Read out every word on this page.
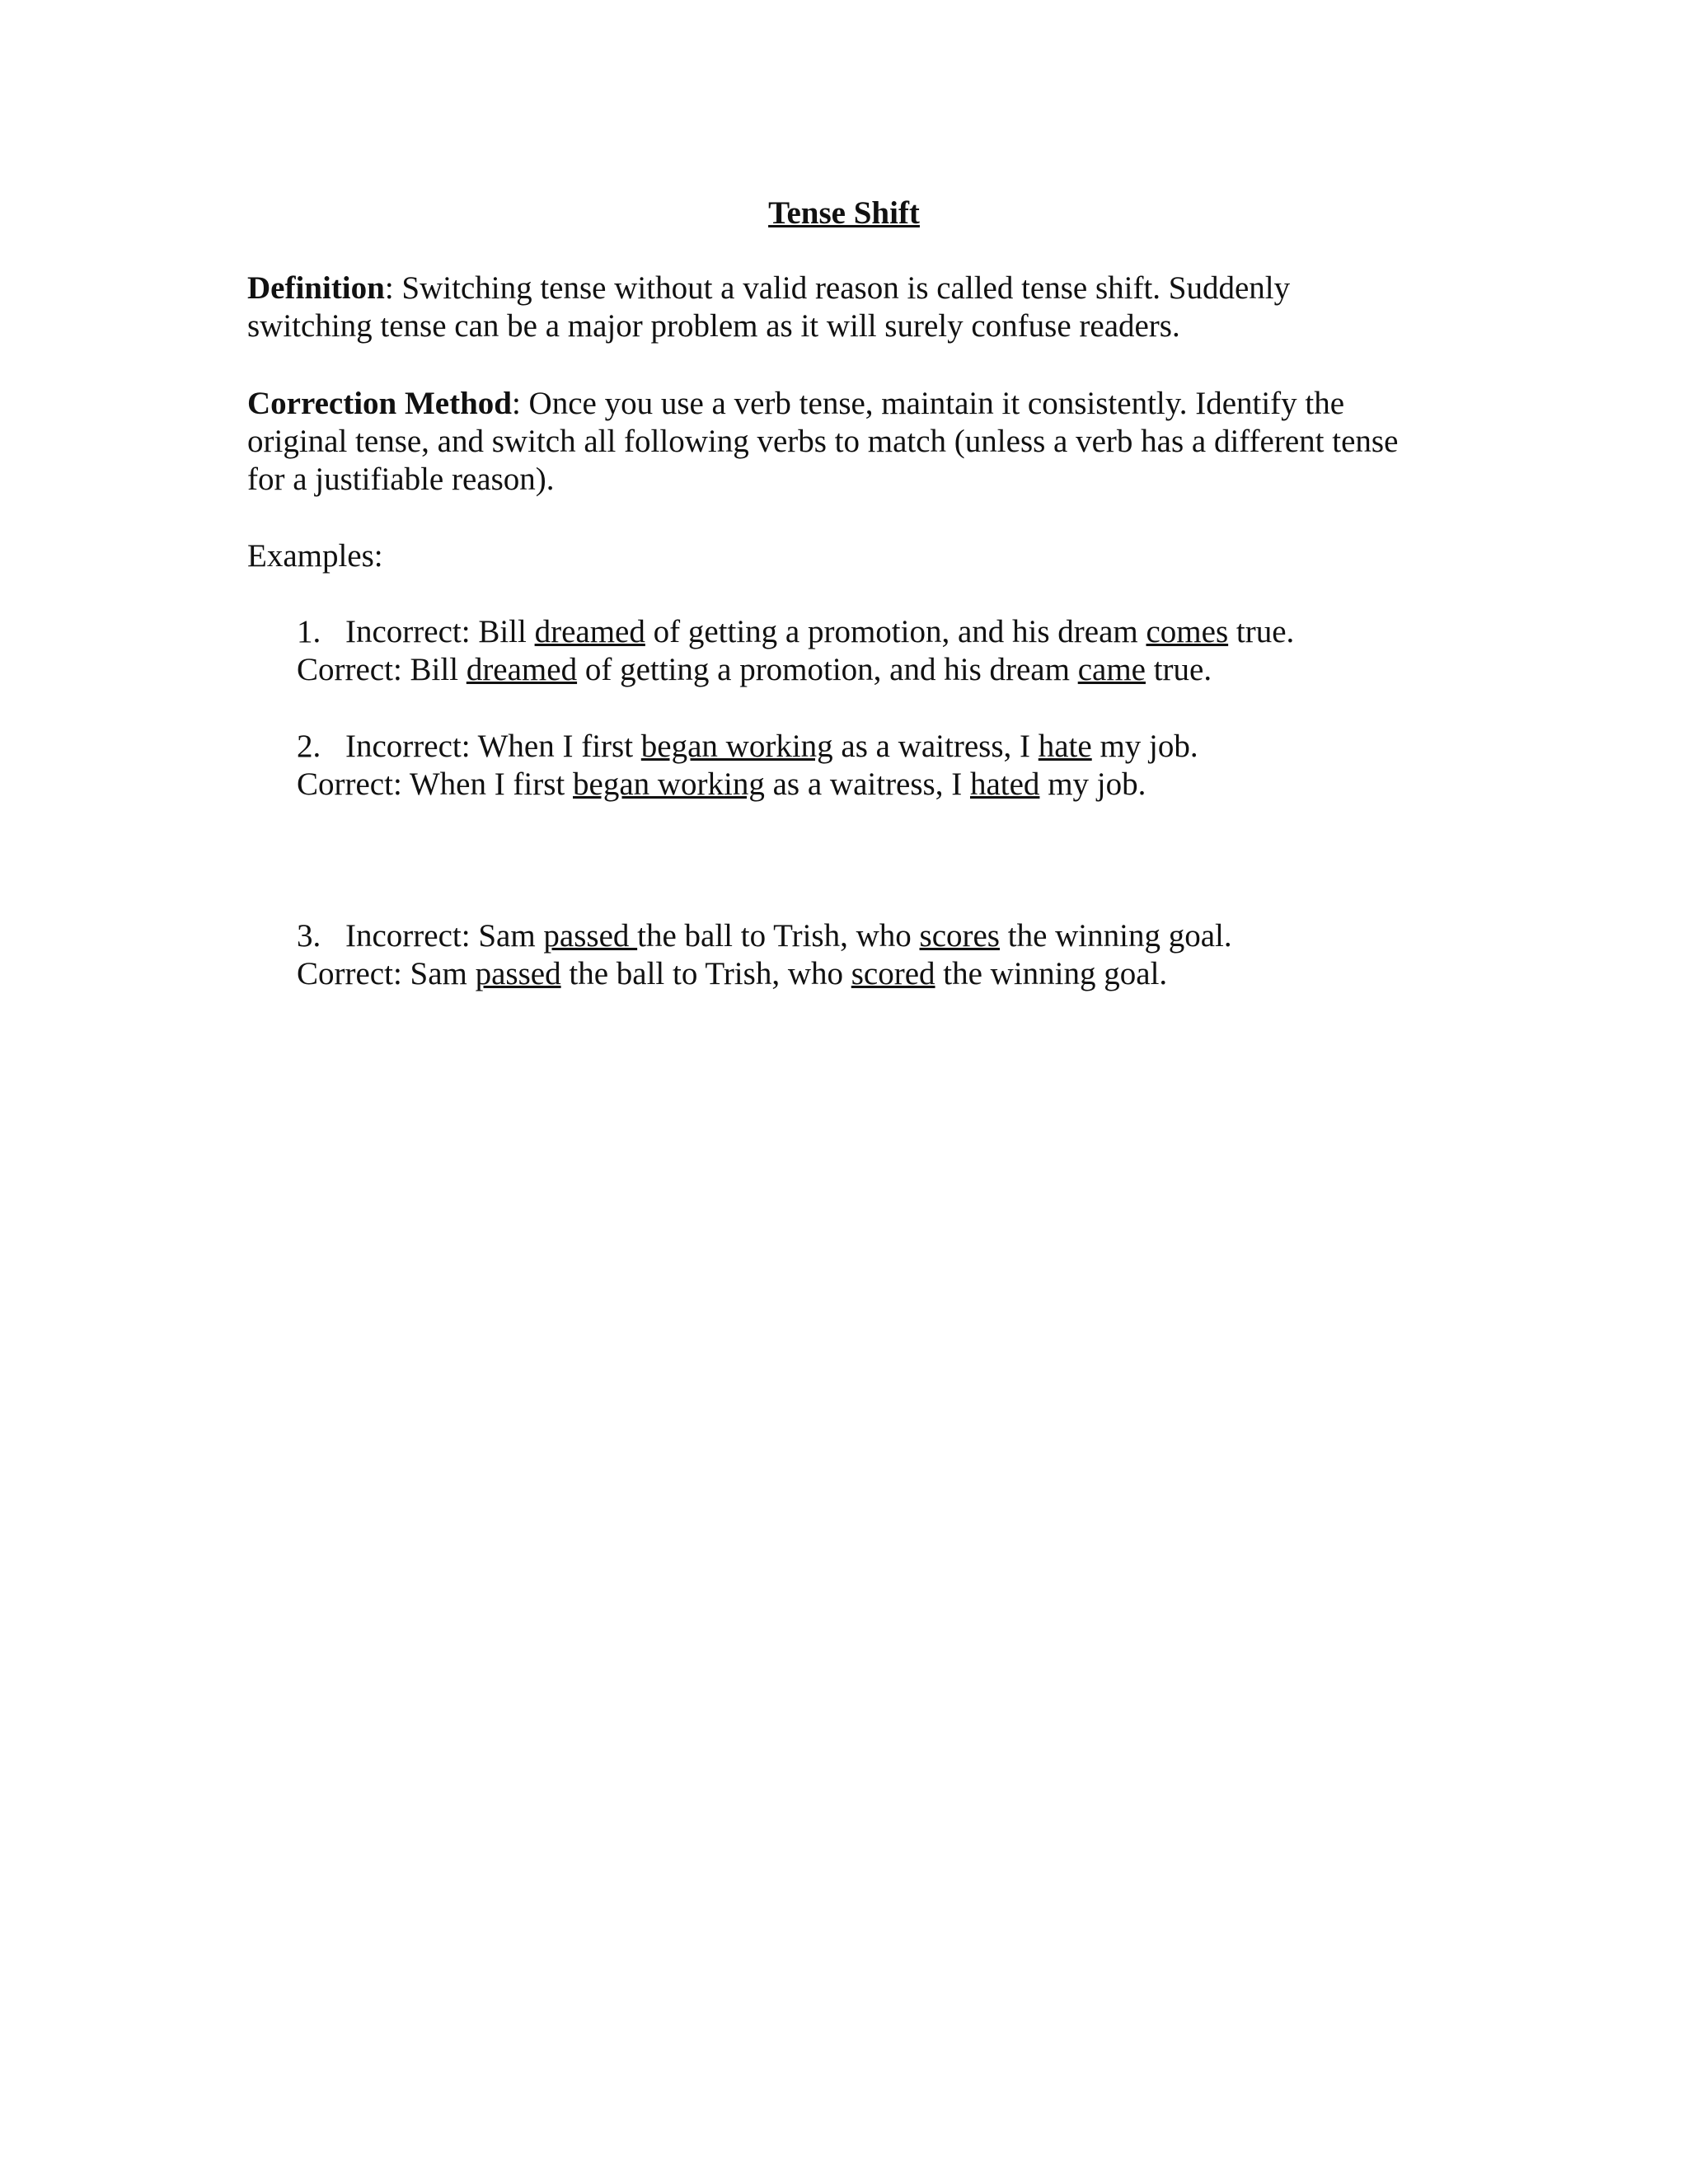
Tense Shift
Definition: Switching tense without a valid reason is called tense shift. Suddenly
switching tense can be a major problem as it will surely confuse readers.
Correction Method: Once you use a verb tense, maintain it consistently. Identify the
original tense, and switch all following verbs to match (unless a verb has a different tense
for a justifiable reason).
Examples:
1. Incorrect: Bill dreamed of getting a promotion, and his dream comes true.
Correct: Bill dreamed of getting a promotion, and his dream came true.
2. Incorrect: When I first began working as a waitress, I hate my job.
Correct: When I first began working as a waitress, I hated my job.
3. Incorrect: Sam passed the ball to Trish, who scores the winning goal.
Correct: Sam passed the ball to Trish, who scored the winning goal.
